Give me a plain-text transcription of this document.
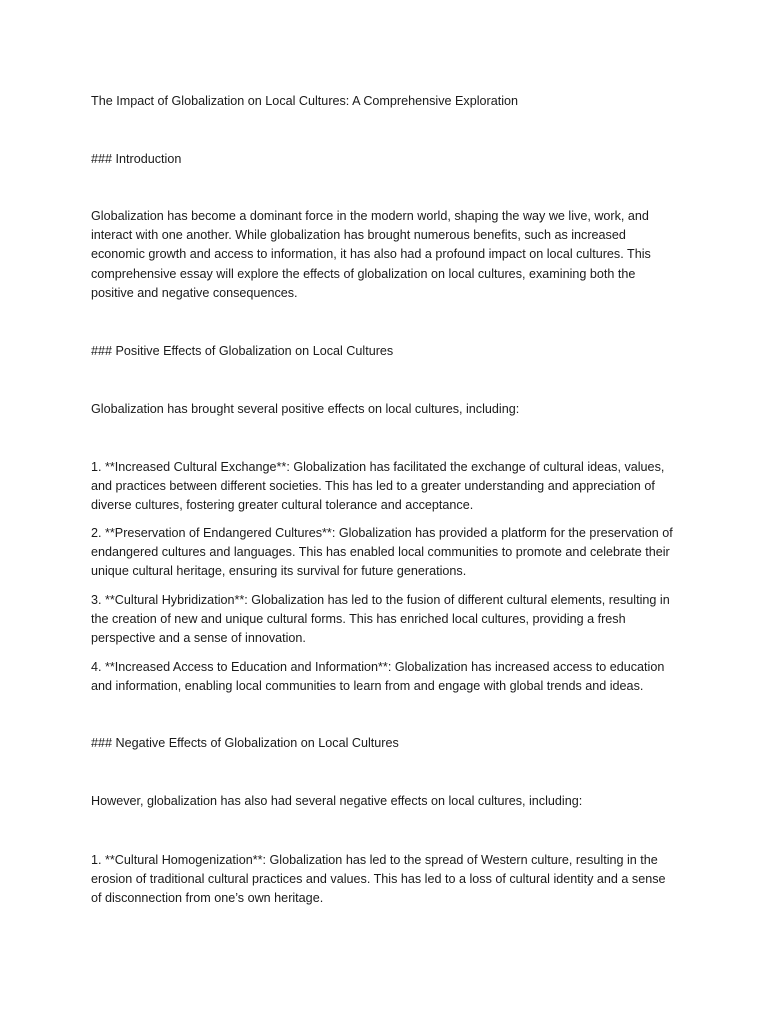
The Impact of Globalization on Local Cultures: A Comprehensive Exploration

### Introduction

Globalization has become a dominant force in the modern world, shaping the way we live, work, and interact with one another. While globalization has brought numerous benefits, such as increased economic growth and access to information, it has also had a profound impact on local cultures. This comprehensive essay will explore the effects of globalization on local cultures, examining both the positive and negative consequences.

### Positive Effects of Globalization on Local Cultures

Globalization has brought several positive effects on local cultures, including:

1. **Increased Cultural Exchange**: Globalization has facilitated the exchange of cultural ideas, values, and practices between different societies. This has led to a greater understanding and appreciation of diverse cultures, fostering greater cultural tolerance and acceptance.

2. **Preservation of Endangered Cultures**: Globalization has provided a platform for the preservation of endangered cultures and languages. This has enabled local communities to promote and celebrate their unique cultural heritage, ensuring its survival for future generations.

3. **Cultural Hybridization**: Globalization has led to the fusion of different cultural elements, resulting in the creation of new and unique cultural forms. This has enriched local cultures, providing a fresh perspective and a sense of innovation.

4. **Increased Access to Education and Information**: Globalization has increased access to education and information, enabling local communities to learn from and engage with global trends and ideas.

### Negative Effects of Globalization on Local Cultures

However, globalization has also had several negative effects on local cultures, including:

1. **Cultural Homogenization**: Globalization has led to the spread of Western culture, resulting in the erosion of traditional cultural practices and values. This has led to a loss of cultural identity and a sense of disconnection from one’s own heritage.
